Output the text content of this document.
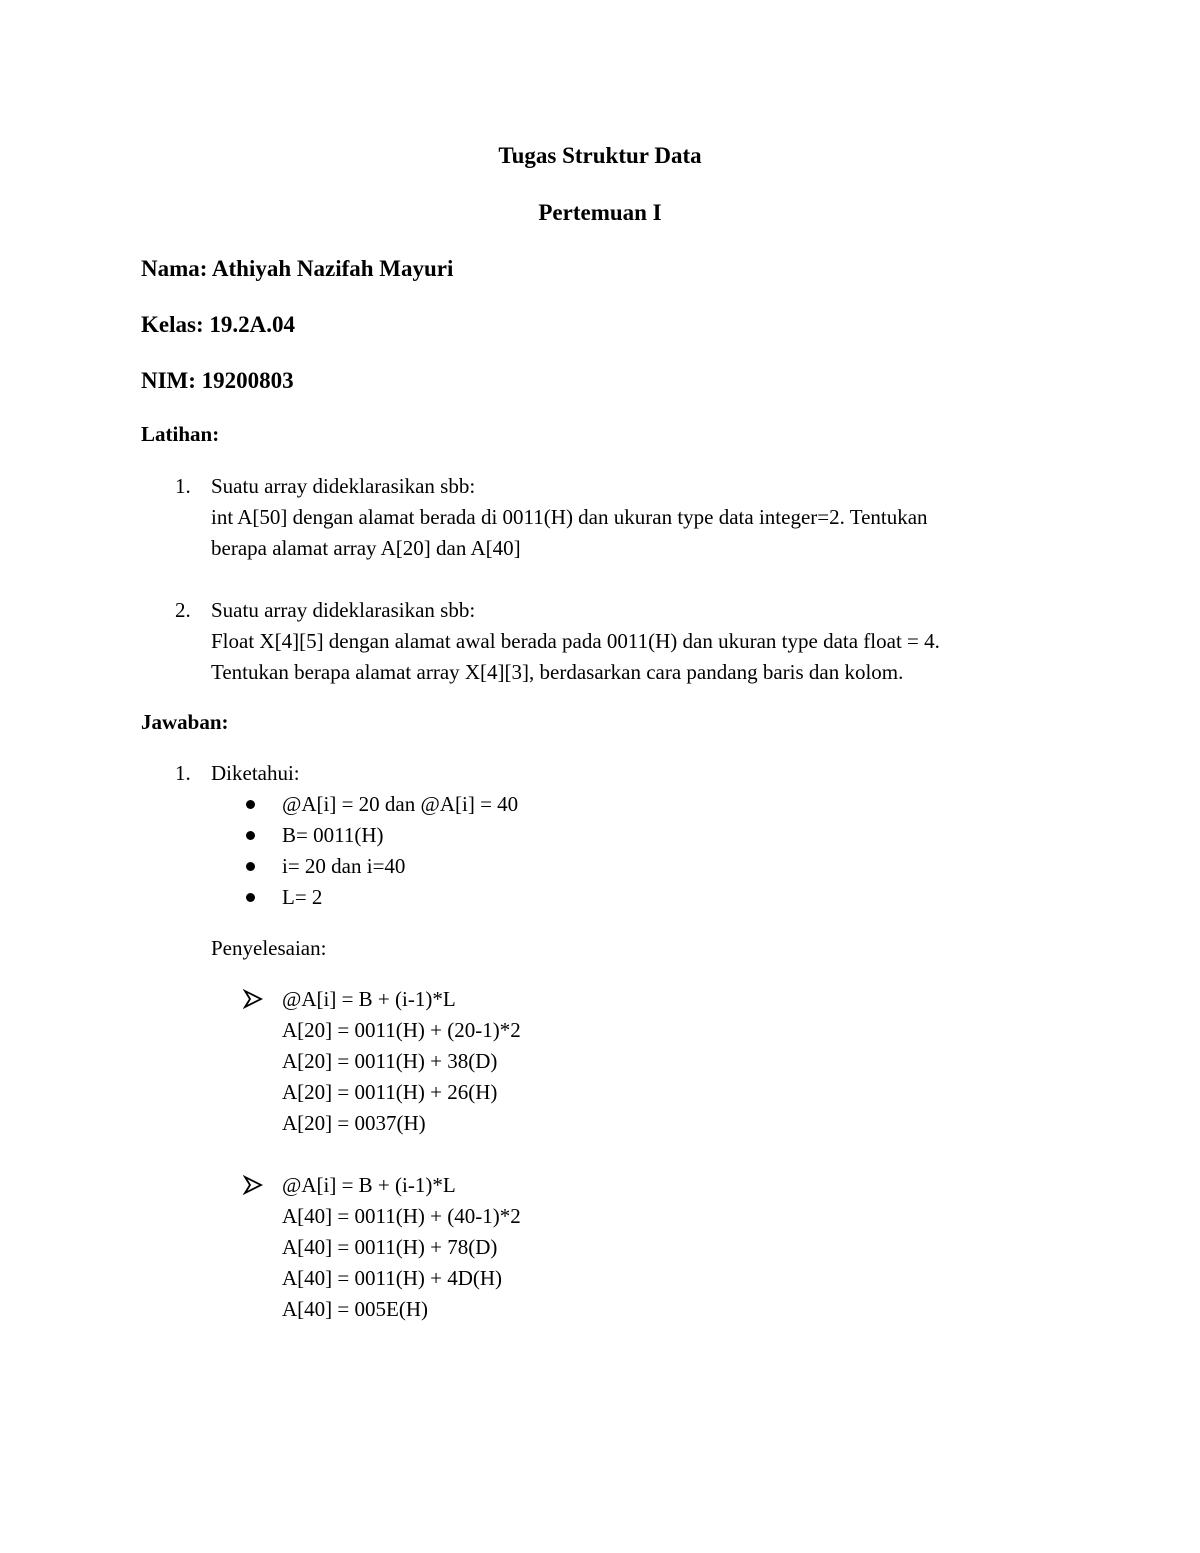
Tugas Struktur Data
Pertemuan I
Nama: Athiyah Nazifah Mayuri
Kelas: 19.2A.04
NIM: 19200803
Latihan:
1. Suatu array dideklarasikan sbb:
int A[50] dengan alamat berada di 0011(H) dan ukuran type data integer=2. Tentukan
berapa alamat array A[20] dan A[40]
2. Suatu array dideklarasikan sbb:
Float X[4][5] dengan alamat awal berada pada 0011(H) dan ukuran type data float = 4.
Tentukan berapa alamat array X[4][3], berdasarkan cara pandang baris dan kolom.
Jawaban:
1. Diketahui:
@A[i] = 20 dan @A[i] = 40
B= 0011(H)
i= 20 dan i=40
L= 2
Penyelesaian:
@A[i] = B + (i-1)*L
A[20] = 0011(H) + (20-1)*2
A[20] = 0011(H) + 38(D)
A[20] = 0011(H) + 26(H)
A[20] = 0037(H)
@A[i] = B + (i-1)*L
A[40] = 0011(H) + (40-1)*2
A[40] = 0011(H) + 78(D)
A[40] = 0011(H) + 4D(H)
A[40] = 005E(H)
